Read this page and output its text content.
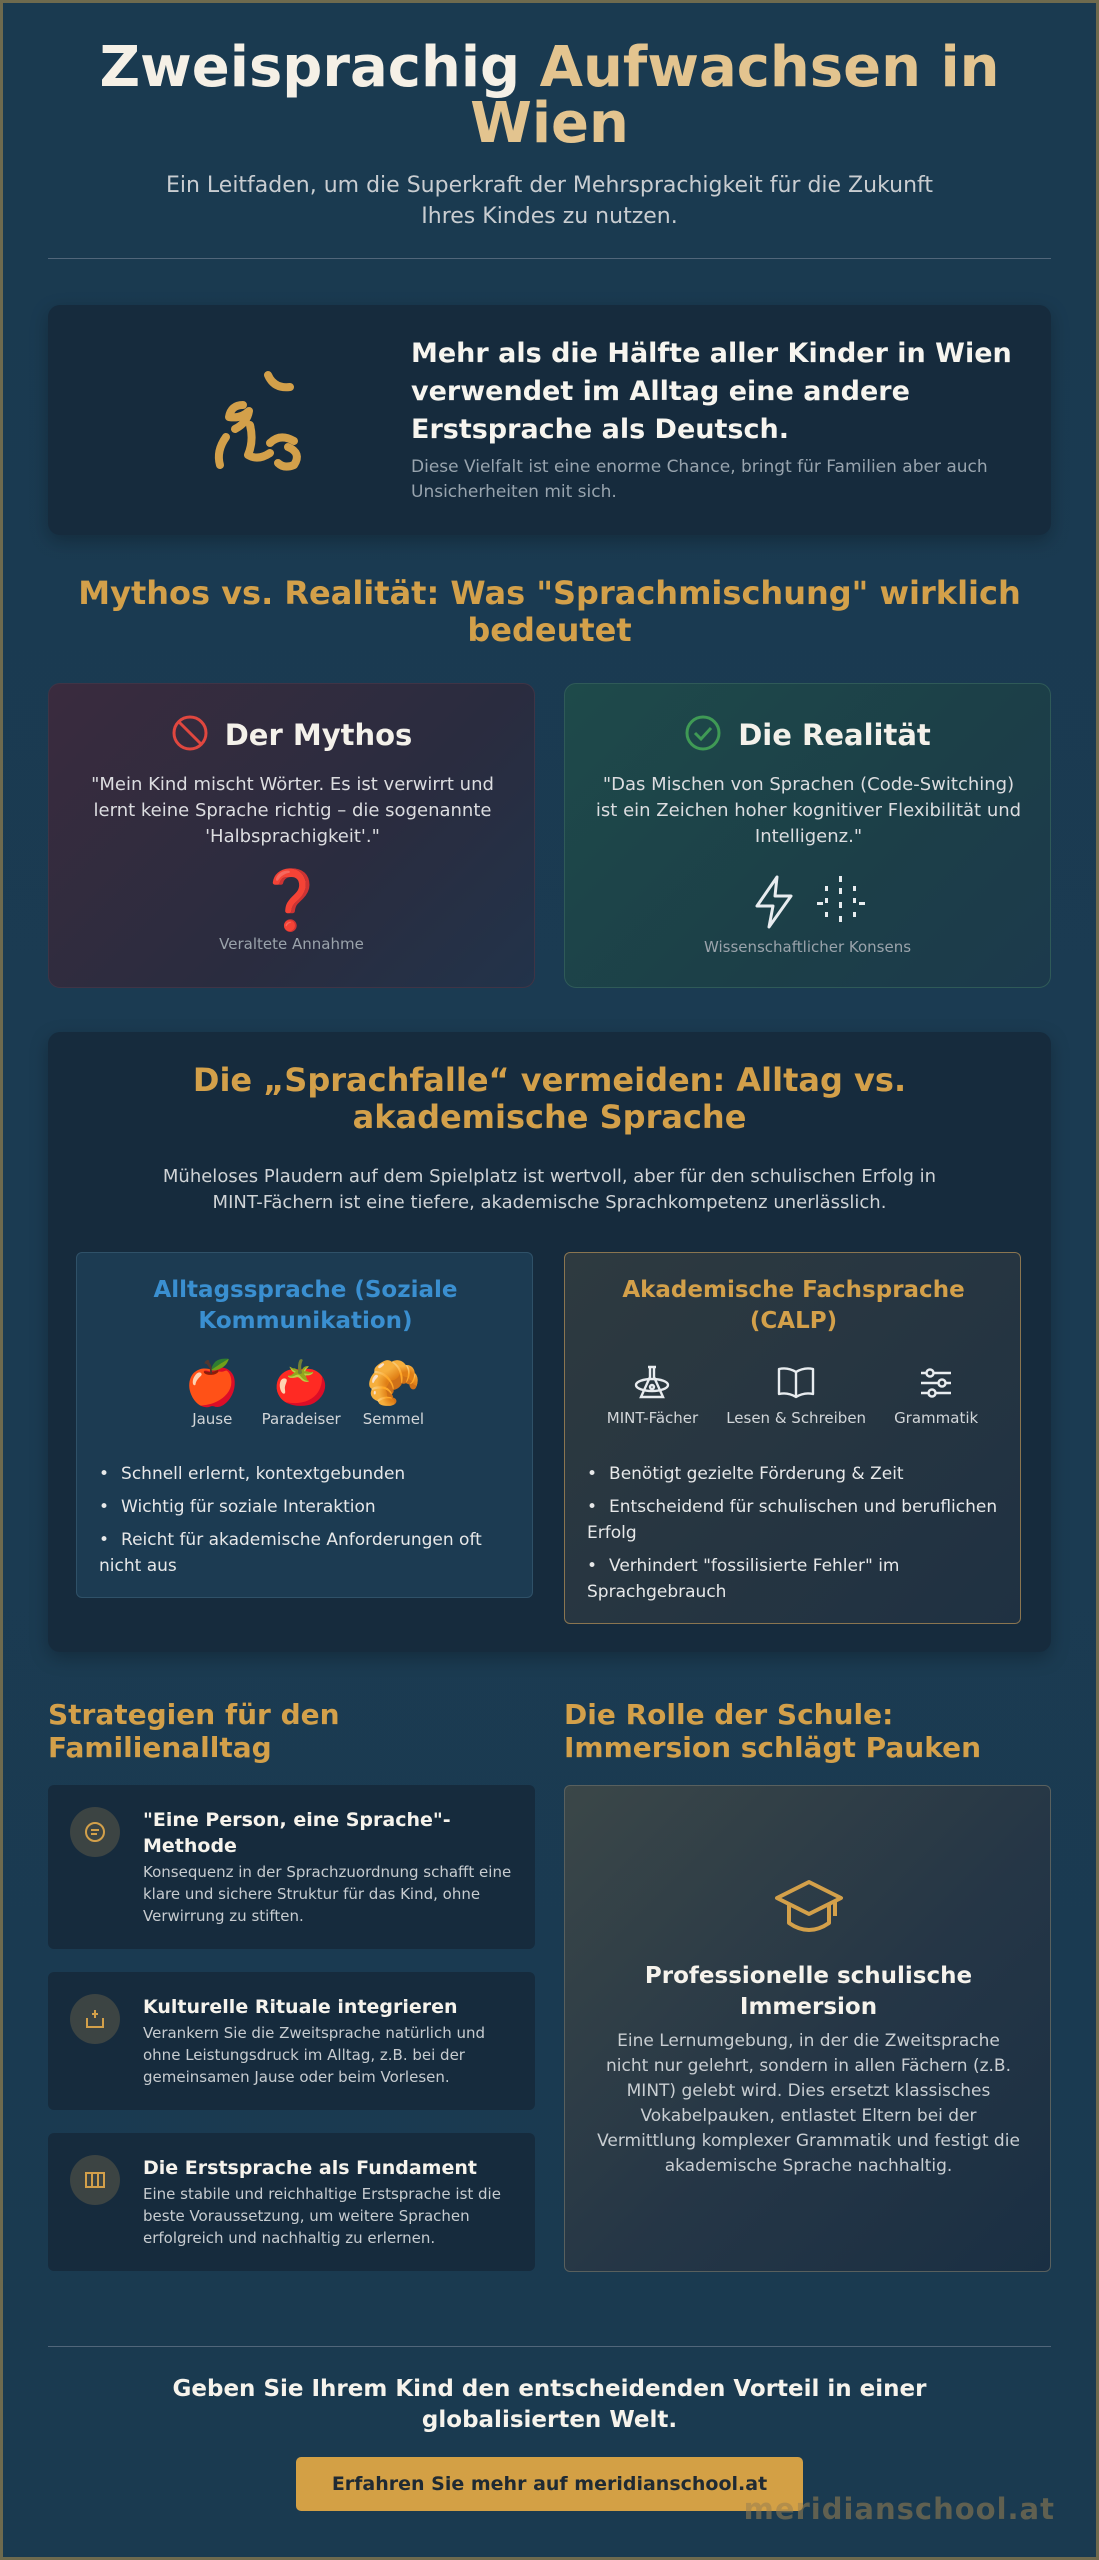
Zweisprachig Aufwachsen in Wien
Ein Leitfaden, um die Superkraft der Mehrsprachigkeit für die Zukunft Ihres Kindes zu nutzen.
Mehr als die Hälfte aller Kinder in Wien verwendet im Alltag eine andere Erstsprache als Deutsch.
Diese Vielfalt ist eine enorme Chance, bringt für Familien aber auch Unsicherheiten mit sich.
Mythos vs. Realität: Was "Sprachmischung" wirklich bedeutet
Der Mythos
"Mein Kind mischt Wörter. Es ist verwirrt und lernt keine Sprache richtig – die sogenannte 'Halbsprachigkeit'."
❓
Veraltete Annahme
Die Realität
"Das Mischen von Sprachen (Code-Switching) ist ein Zeichen hoher kognitiver Flexibilität und Intelligenz."
Wissenschaftlicher Konsens
Die „Sprachfalle“ vermeiden: Alltag vs. akademische Sprache
Müheloses Plaudern auf dem Spielplatz ist wertvoll, aber für den schulischen Erfolg in MINT-Fächern ist eine tiefere, akademische Sprachkompetenz unerlässlich.
Alltagssprache (Soziale Kommunikation)
🍎
Jause
🍅
Paradeiser
🥐
Semmel
• Schnell erlernt, kontextgebunden
• Wichtig für soziale Interaktion
• Reicht für akademische Anforderungen oft nicht aus
Akademische Fachsprache (CALP)
MINT-Fächer Lesen & Schreiben Grammatik
• Benötigt gezielte Förderung & Zeit
• Entscheidend für schulischen und beruflichen Erfolg
• Verhindert "fossilisierte Fehler" im Sprachgebrauch
Strategien für den Familienalltag
"Eine Person, eine Sprache"-Methode
Konsequenz in der Sprachzuordnung schafft eine klare und sichere Struktur für das Kind, ohne Verwirrung zu stiften.
Kulturelle Rituale integrieren
Verankern Sie die Zweitsprache natürlich und ohne Leistungsdruck im Alltag, z.B. bei der gemeinsamen Jause oder beim Vorlesen.
Die Erstsprache als Fundament
Eine stabile und reichhaltige Erstsprache ist die beste Voraussetzung, um weitere Sprachen erfolgreich und nachhaltig zu erlernen.
Die Rolle der Schule: Immersion schlägt Pauken
Professionelle schulische Immersion
Eine Lernumgebung, in der die Zweitsprache nicht nur gelehrt, sondern in allen Fächern (z.B. MINT) gelebt wird. Dies ersetzt klassisches Vokabelpauken, entlastet Eltern bei der Vermittlung komplexer Grammatik und festigt die akademische Sprache nachhaltig.
Geben Sie Ihrem Kind den entscheidenden Vorteil in einer globalisierten Welt.
Erfahren Sie mehr auf meridianschool.at
meridianschool.at
